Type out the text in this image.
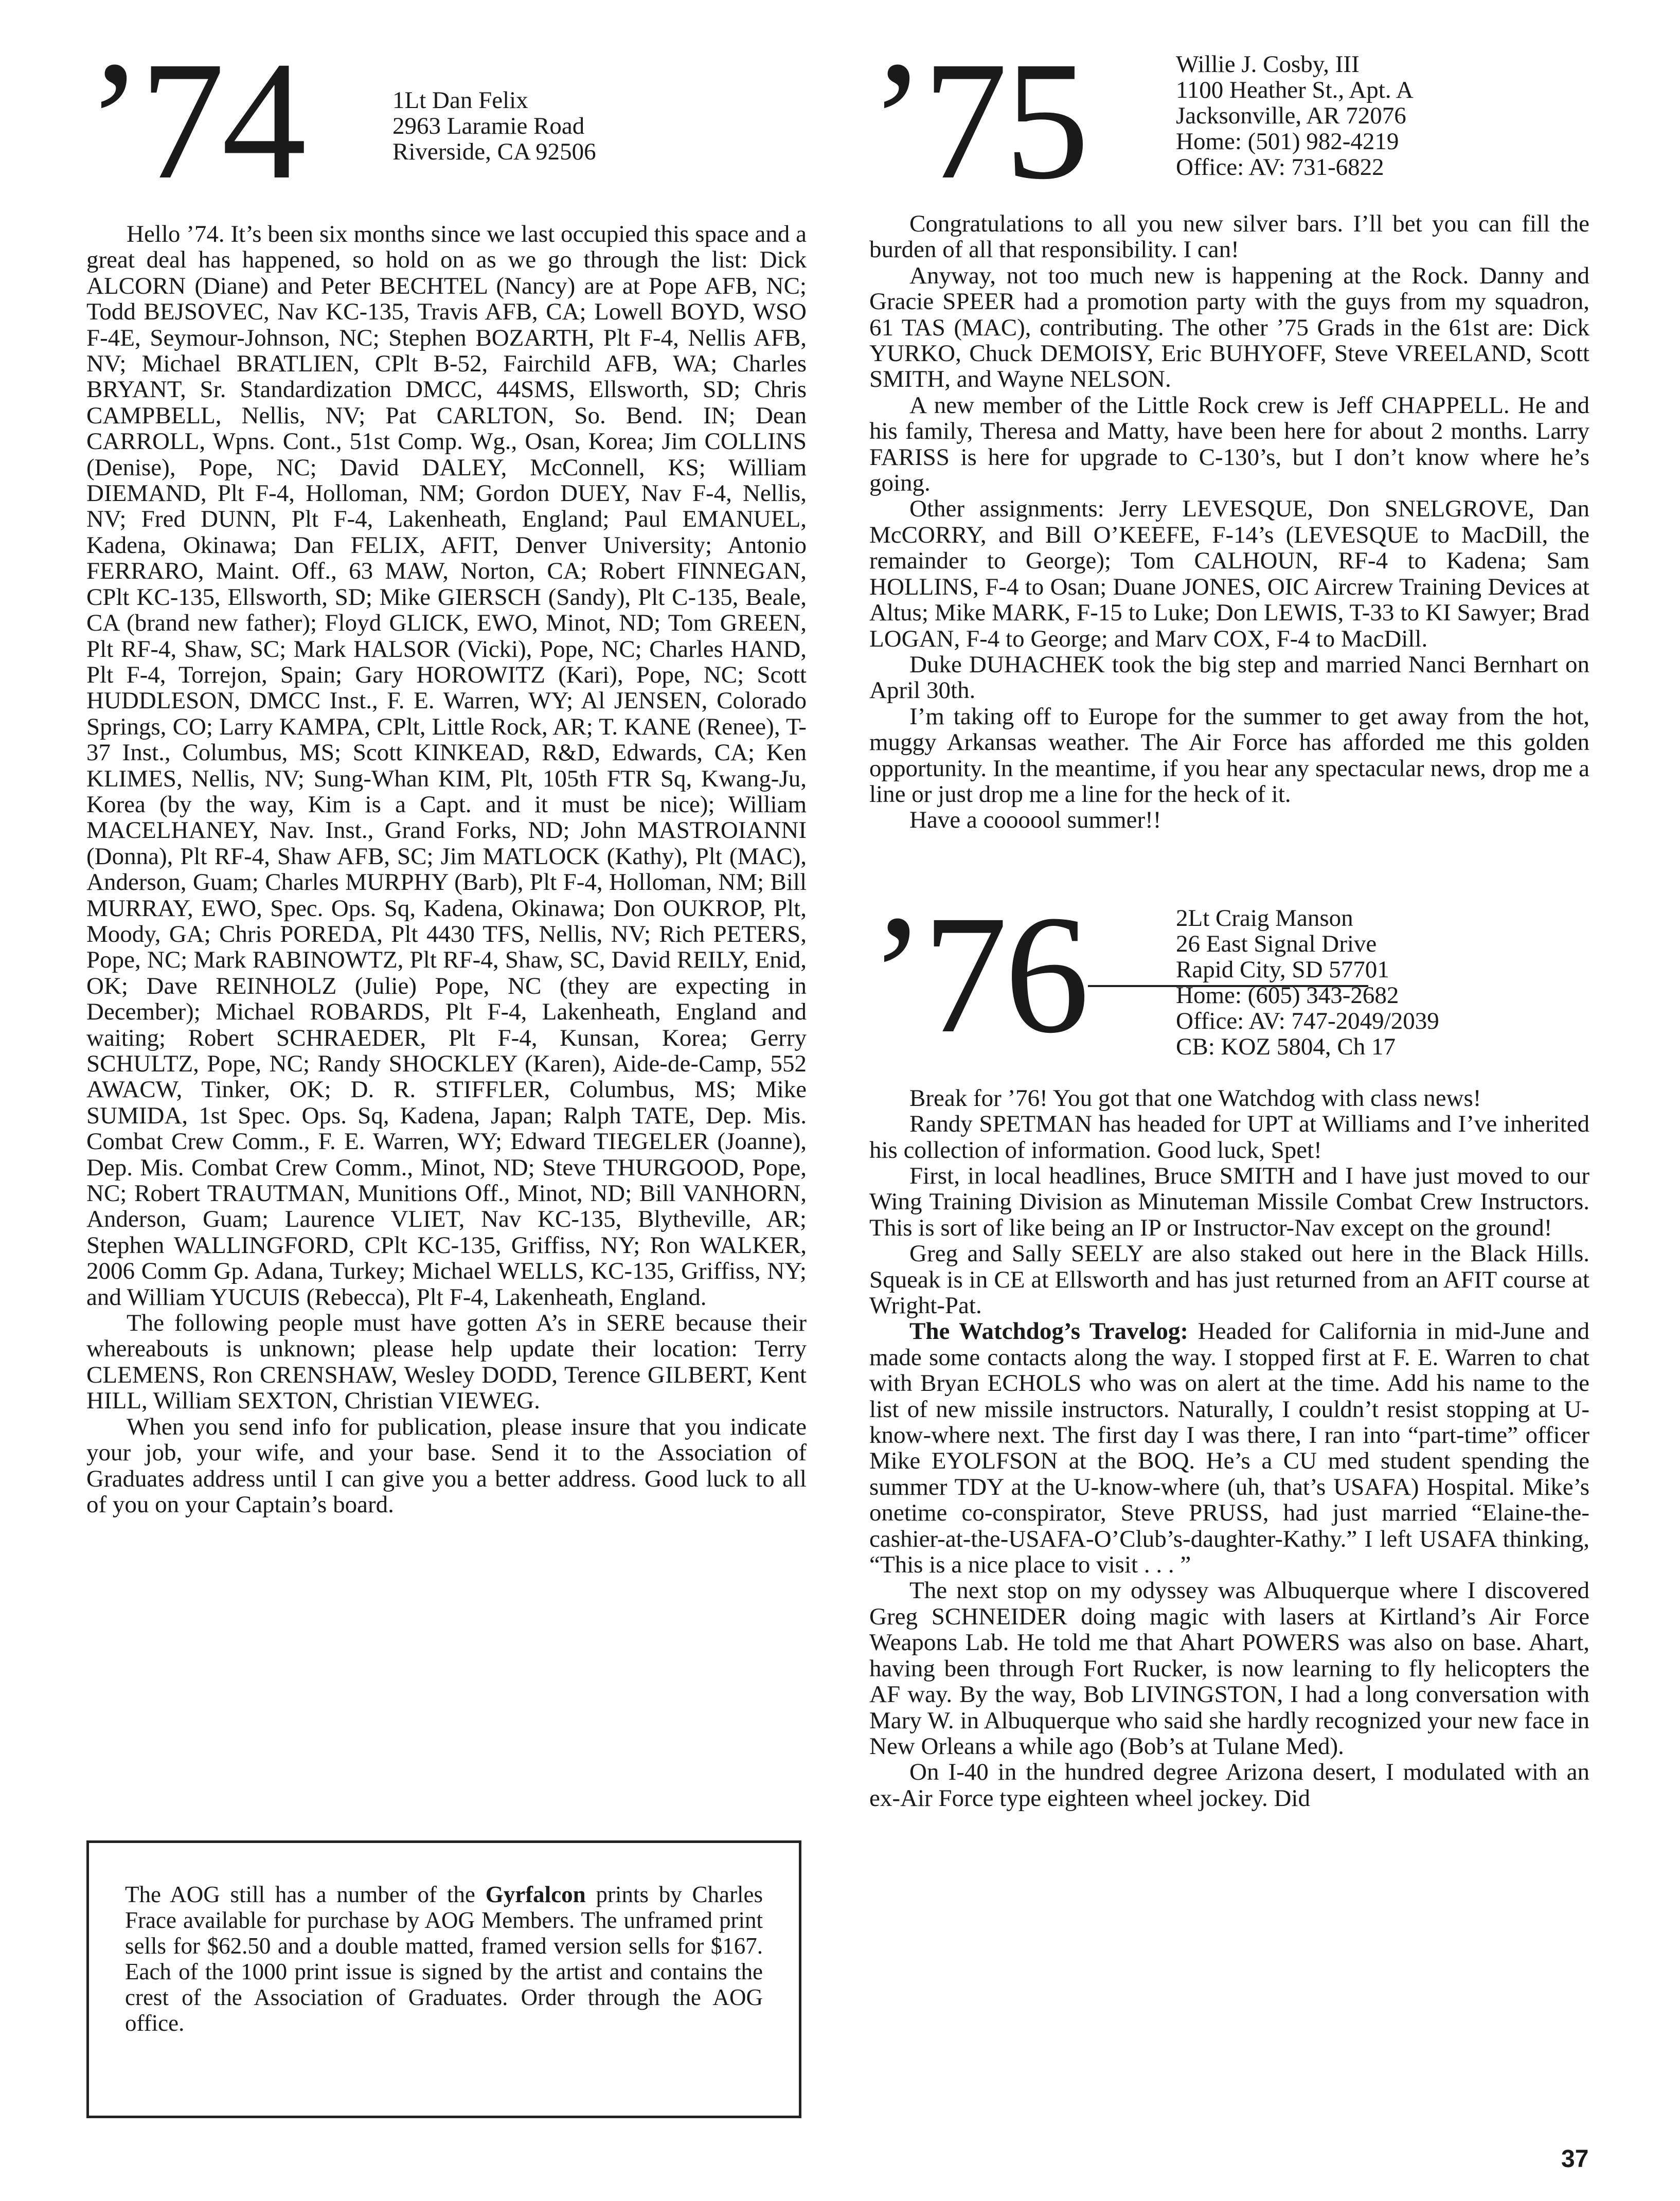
’74	1Lt Dan Felix
2963 Laramie Road
Riverside, CA 92506

Hello ’74. It’s been six months since we last occupied this space and a great deal has happened, so hold on as we go through the list: Dick ALCORN (Diane) and Peter BECHTEL (Nancy) are at Pope AFB, NC; Todd BEJSOVEC, Nav KC-135, Travis AFB, CA; Lowell BOYD, WSO F-4E, Seymour-Johnson, NC; Stephen BOZARTH, Plt F-4, Nellis AFB, NV; Michael BRATLIEN, CPlt B-52, Fairchild AFB, WA; Charles BRYANT, Sr. Standardization DMCC, 44SMS, Ellsworth, SD; Chris CAMPBELL, Nellis, NV; Pat CARLTON, So. Bend. IN; Dean CARROLL, Wpns. Cont., 51st Comp. Wg., Osan, Korea; Jim COLLINS (Denise), Pope, NC; David DALEY, McConnell, KS; William DIEMAND, Plt F-4, Holloman, NM; Gordon DUEY, Nav F-4, Nellis, NV; Fred DUNN, Plt F-4, Lakenheath, England; Paul EMANUEL, Kadena, Okinawa; Dan FELIX, AFIT, Denver University; Antonio FERRARO, Maint. Off., 63 MAW, Norton, CA; Robert FINNEGAN, CPlt KC-135, Ellsworth, SD; Mike GIERSCH (Sandy), Plt C-135, Beale, CA (brand new father); Floyd GLICK, EWO, Minot, ND; Tom GREEN, Plt RF-4, Shaw, SC; Mark HALSOR (Vicki), Pope, NC; Charles HAND, Plt F-4, Torrejon, Spain; Gary HOROWITZ (Kari), Pope, NC; Scott HUDDLESON, DMCC Inst., F. E. Warren, WY; Al JENSEN, Colorado Springs, CO; Larry KAMPA, CPlt, Little Rock, AR; T. KANE (Renee), T-37 Inst., Columbus, MS; Scott KINKEAD, R&D, Edwards, CA; Ken KLIMES, Nellis, NV; Sung-Whan KIM, Plt, 105th FTR Sq, Kwang-Ju, Korea (by the way, Kim is a Capt. and it must be nice); William MACELHANEY, Nav. Inst., Grand Forks, ND; John MASTROIANNI (Donna), Plt RF-4, Shaw AFB, SC; Jim MATLOCK (Kathy), Plt (MAC), Anderson, Guam; Charles MURPHY (Barb), Plt F-4, Holloman, NM; Bill MURRAY, EWO, Spec. Ops. Sq, Kadena, Okinawa; Don OUKROP, Plt, Moody, GA; Chris POREDA, Plt 4430 TFS, Nellis, NV; Rich PETERS, Pope, NC; Mark RABINOWTZ, Plt RF-4, Shaw, SC, David REILY, Enid, OK; Dave REINHOLZ (Julie) Pope, NC (they are expecting in December); Michael ROBARDS, Plt F-4, Lakenheath, England and waiting; Robert SCHRAEDER, Plt F-4, Kunsan, Korea; Gerry SCHULTZ, Pope, NC; Randy SHOCKLEY (Karen), Aide-de-Camp, 552 AWACW, Tinker, OK; D. R. STIFFLER, Columbus, MS; Mike SUMIDA, 1st Spec. Ops. Sq, Kadena, Japan; Ralph TATE, Dep. Mis. Combat Crew Comm., F. E. Warren, WY; Edward TIEGELER (Joanne), Dep. Mis. Combat Crew Comm., Minot, ND; Steve THURGOOD, Pope, NC; Robert TRAUTMAN, Munitions Off., Minot, ND; Bill VANHORN, Anderson, Guam; Laurence VLIET, Nav KC-135, Blytheville, AR; Stephen WALLINGFORD, CPlt KC-135, Griffiss, NY; Ron WALKER, 2006 Comm Gp. Adana, Turkey; Michael WELLS, KC-135, Griffiss, NY; and William YUCUIS (Rebecca), Plt F-4, Lakenheath, England.

The following people must have gotten A’s in SERE because their whereabouts is unknown; please help update their location: Terry CLEMENS, Ron CRENSHAW, Wesley DODD, Terence GILBERT, Kent HILL, William SEXTON, Christian VIEWEG.

When you send info for publication, please insure that you indicate your job, your wife, and your base. Send it to the Association of Graduates address until I can give you a better address. Good luck to all of you on your Captain’s board.

The AOG still has a number of the Gyrfalcon prints by Charles Frace available for purchase by AOG Members. The unframed print sells for $62.50 and a double matted, framed version sells for $167. Each of the 1000 print issue is signed by the artist and contains the crest of the Association of Graduates. Order through the AOG office.

’75	Willie J. Cosby, III
1100 Heather St., Apt. A
Jacksonville, AR 72076
Home: (501) 982-4219
Office: AV: 731-6822

Congratulations to all you new silver bars. I’ll bet you can fill the burden of all that responsibility. I can!

Anyway, not too much new is happening at the Rock. Danny and Gracie SPEER had a promotion party with the guys from my squadron, 61 TAS (MAC), contributing. The other ’75 Grads in the 61st are: Dick YURKO, Chuck DEMOISY, Eric BUHYOFF, Steve VREELAND, Scott SMITH, and Wayne NELSON.

A new member of the Little Rock crew is Jeff CHAPPELL. He and his family, Theresa and Matty, have been here for about 2 months. Larry FARISS is here for upgrade to C-130’s, but I don’t know where he’s going.

Other assignments: Jerry LEVESQUE, Don SNELGROVE, Dan McCORRY, and Bill O’KEEFE, F-14’s (LEVESQUE to MacDill, the remainder to George); Tom CALHOUN, RF-4 to Kadena; Sam HOLLINS, F-4 to Osan; Duane JONES, OIC Aircrew Training Devices at Altus; Mike MARK, F-15 to Luke; Don LEWIS, T-33 to KI Sawyer; Brad LOGAN, F-4 to George; and Marv COX, F-4 to MacDill.

Duke DUHACHEK took the big step and married Nanci Bernhart on April 30th.

I’m taking off to Europe for the summer to get away from the hot, muggy Arkansas weather. The Air Force has afforded me this golden opportunity. In the meantime, if you hear any spectacular news, drop me a line or just drop me a line for the heck of it.

Have a coooool summer!!

’76	2Lt Craig Manson
26 East Signal Drive
Rapid City, SD 57701
Home: (605) 343-2682
Office: AV: 747-2049/2039
CB: KOZ 5804, Ch 17

Break for ’76! You got that one Watchdog with class news!

Randy SPETMAN has headed for UPT at Williams and I’ve inherited his collection of information. Good luck, Spet!

First, in local headlines, Bruce SMITH and I have just moved to our Wing Training Division as Minuteman Missile Combat Crew Instructors. This is sort of like being an IP or Instructor-Nav except on the ground!

Greg and Sally SEELY are also staked out here in the Black Hills. Squeak is in CE at Ellsworth and has just returned from an AFIT course at Wright-Pat.

The Watchdog’s Travelog: Headed for California in mid-June and made some contacts along the way. I stopped first at F. E. Warren to chat with Bryan ECHOLS who was on alert at the time. Add his name to the list of new missile instructors. Naturally, I couldn’t resist stopping at U-know-where next. The first day I was there, I ran into “part-time” officer Mike EYOLFSON at the BOQ. He’s a CU med student spending the summer TDY at the U-know-where (uh, that’s USAFA) Hospital. Mike’s onetime co-conspirator, Steve PRUSS, had just married “Elaine-the-cashier-at-the-USAFA-O’Club’s-daughter-Kathy.” I left USAFA thinking, “This is a nice place to visit . . . ”

The next stop on my odyssey was Albuquerque where I discovered Greg SCHNEIDER doing magic with lasers at Kirtland’s Air Force Weapons Lab. He told me that Ahart POWERS was also on base. Ahart, having been through Fort Rucker, is now learning to fly helicopters the AF way. By the way, Bob LIVINGSTON, I had a long conversation with Mary W. in Albuquerque who said she hardly recognized your new face in New Orleans a while ago (Bob’s at Tulane Med).

On I-40 in the hundred degree Arizona desert, I modulated with an ex-Air Force type eighteen wheel jockey. Did

37
